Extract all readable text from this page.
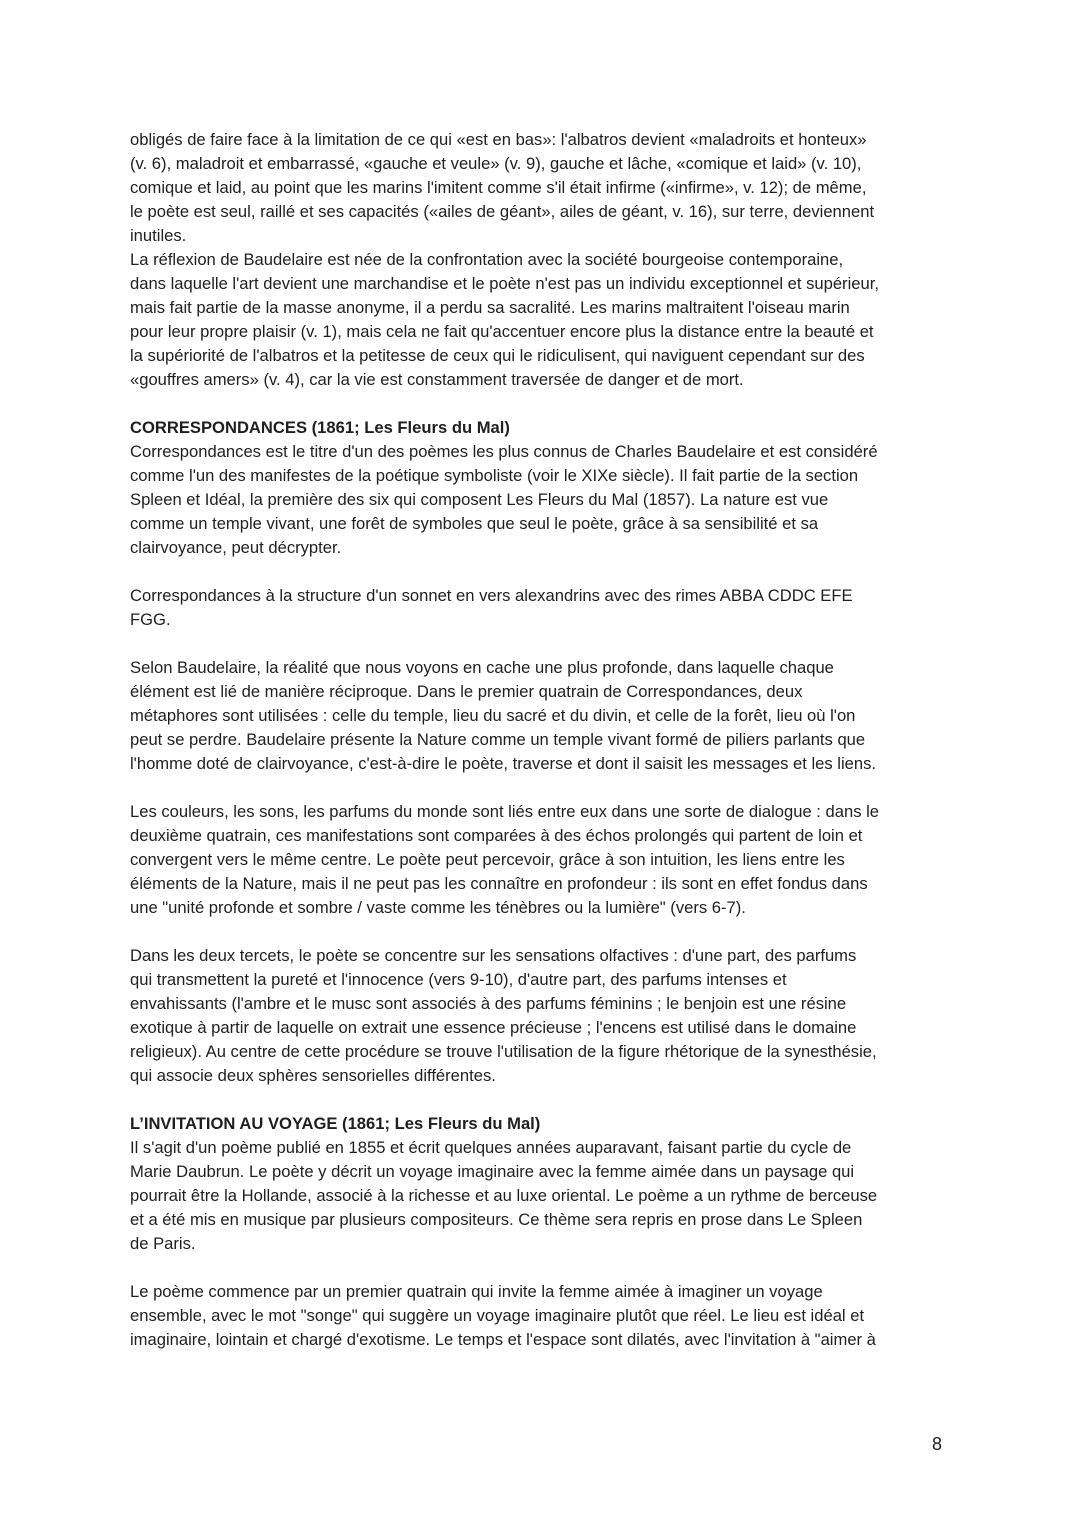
obligés de faire face à la limitation de ce qui «est en bas»: l'albatros devient «maladroits et honteux»
(v. 6), maladroit et embarrassé, «gauche et veule» (v. 9), gauche et lâche, «comique et laid» (v. 10),
comique et laid, au point que les marins l'imitent comme s'il était infirme («infirme», v. 12); de même,
le poète est seul, raillé et ses capacités («ailes de géant», ailes de géant, v. 16), sur terre, deviennent
inutiles.
La réflexion de Baudelaire est née de la confrontation avec la société bourgeoise contemporaine,
dans laquelle l'art devient une marchandise et le poète n'est pas un individu exceptionnel et supérieur,
mais fait partie de la masse anonyme, il a perdu sa sacralité. Les marins maltraitent l'oiseau marin
pour leur propre plaisir (v. 1), mais cela ne fait qu'accentuer encore plus la distance entre la beauté et
la supériorité de l'albatros et la petitesse de ceux qui le ridiculisent, qui naviguent cependant sur des
«gouffres amers» (v. 4), car la vie est constamment traversée de danger et de mort.
CORRESPONDANCES (1861; Les Fleurs du Mal)
Correspondances est le titre d'un des poèmes les plus connus de Charles Baudelaire et est considéré
comme l'un des manifestes de la poétique symboliste (voir le XIXe siècle). Il fait partie de la section
Spleen et Idéal, la première des six qui composent Les Fleurs du Mal (1857). La nature est vue
comme un temple vivant, une forêt de symboles que seul le poète, grâce à sa sensibilité et sa
clairvoyance, peut décrypter.
Correspondances à la structure d'un sonnet en vers alexandrins avec des rimes ABBA CDDC EFE
FGG.
Selon Baudelaire, la réalité que nous voyons en cache une plus profonde, dans laquelle chaque
élément est lié de manière réciproque. Dans le premier quatrain de Correspondances, deux
métaphores sont utilisées : celle du temple, lieu du sacré et du divin, et celle de la forêt, lieu où l'on
peut se perdre. Baudelaire présente la Nature comme un temple vivant formé de piliers parlants que
l'homme doté de clairvoyance, c'est-à-dire le poète, traverse et dont il saisit les messages et les liens.
Les couleurs, les sons, les parfums du monde sont liés entre eux dans une sorte de dialogue : dans le
deuxième quatrain, ces manifestations sont comparées à des échos prolongés qui partent de loin et
convergent vers le même centre. Le poète peut percevoir, grâce à son intuition, les liens entre les
éléments de la Nature, mais il ne peut pas les connaître en profondeur : ils sont en effet fondus dans
une "unité profonde et sombre / vaste comme les ténèbres ou la lumière" (vers 6-7).
Dans les deux tercets, le poète se concentre sur les sensations olfactives : d'une part, des parfums
qui transmettent la pureté et l'innocence (vers 9-10), d'autre part, des parfums intenses et
envahissants (l'ambre et le musc sont associés à des parfums féminins ; le benjoin est une résine
exotique à partir de laquelle on extrait une essence précieuse ; l'encens est utilisé dans le domaine
religieux). Au centre de cette procédure se trouve l'utilisation de la figure rhétorique de la synesthésie,
qui associe deux sphères sensorielles différentes.
L’INVITATION AU VOYAGE (1861; Les Fleurs du Mal)
Il s'agit d'un poème publié en 1855 et écrit quelques années auparavant, faisant partie du cycle de
Marie Daubrun. Le poète y décrit un voyage imaginaire avec la femme aimée dans un paysage qui
pourrait être la Hollande, associé à la richesse et au luxe oriental. Le poème a un rythme de berceuse
et a été mis en musique par plusieurs compositeurs. Ce thème sera repris en prose dans Le Spleen
de Paris.
Le poème commence par un premier quatrain qui invite la femme aimée à imaginer un voyage
ensemble, avec le mot "songe" qui suggère un voyage imaginaire plutôt que réel. Le lieu est idéal et
imaginaire, lointain et chargé d'exotisme. Le temps et l'espace sont dilatés, avec l'invitation à "aimer à
8
